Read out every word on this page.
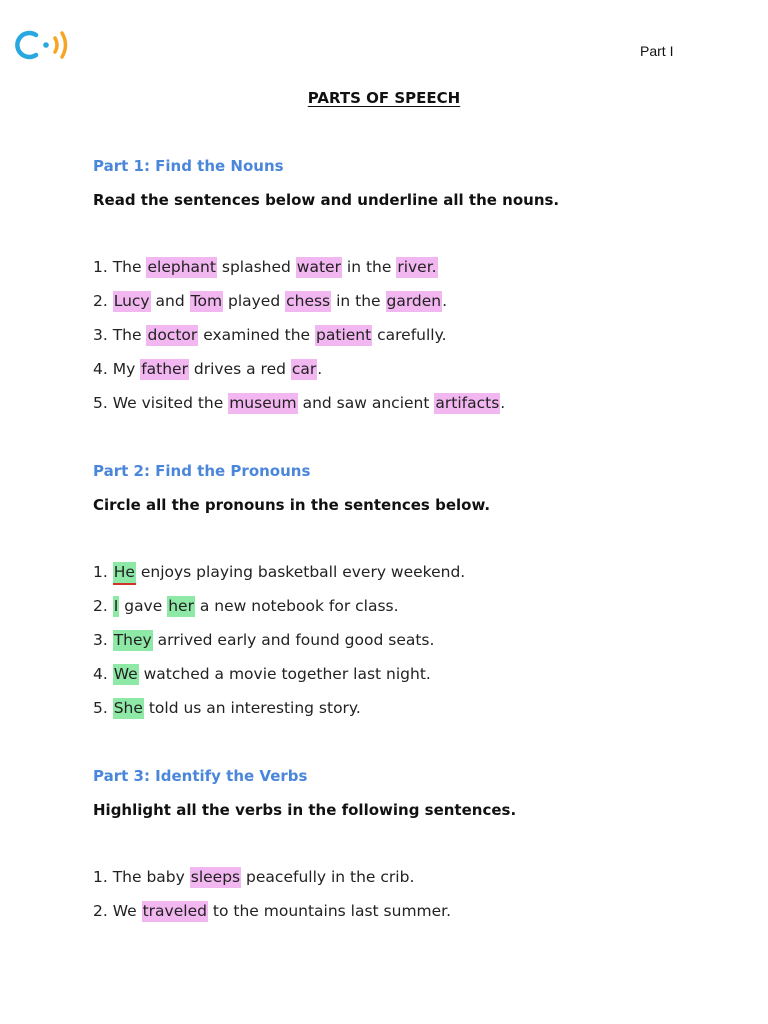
Part I
PARTS OF SPEECH
Part 1: Find the Nouns
Read the sentences below and underline all the nouns.
1. The elephant splashed water in the river.
2. Lucy and Tom played chess in the garden.
3. The doctor examined the patient carefully.
4. My father drives a red car.
5. We visited the museum and saw ancient artifacts.
Part 2: Find the Pronouns
Circle all the pronouns in the sentences below.
1. He enjoys playing basketball every weekend.
2. I gave her a new notebook for class.
3. They arrived early and found good seats.
4. We watched a movie together last night.
5. She told us an interesting story.
Part 3: Identify the Verbs
Highlight all the verbs in the following sentences.
1. The baby sleeps peacefully in the crib.
2. We traveled to the mountains last summer.
